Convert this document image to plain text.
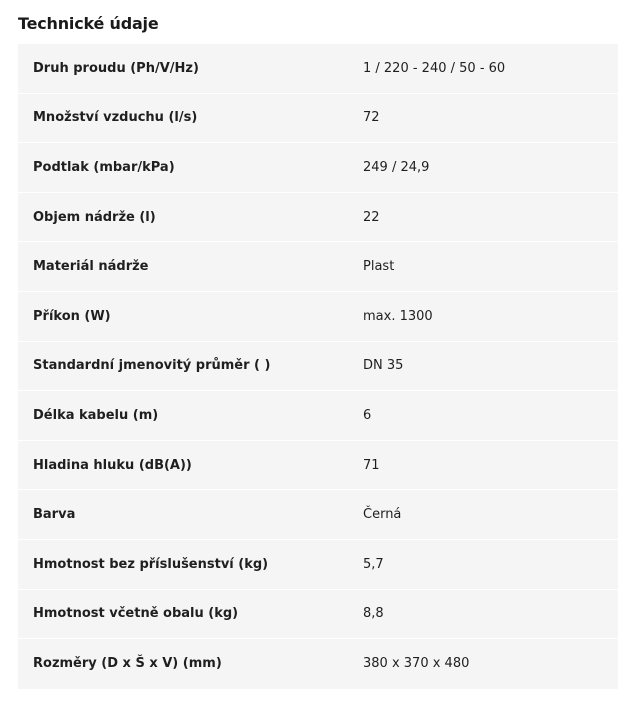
Technické údaje
Druh proudu (Ph/V/Hz)	1 / 220 - 240 / 50 - 60
Množství vzduchu (l/s)	72
Podtlak (mbar/kPa)	249 / 24,9
Objem nádrže (l)	22
Materiál nádrže	Plast
Příkon (W)	max. 1300
Standardní jmenovitý průměr ( )	DN 35
Délka kabelu (m)	6
Hladina hluku (dB(A))	71
Barva	Černá
Hmotnost bez příslušenství (kg)	5,7
Hmotnost včetně obalu (kg)	8,8
Rozměry (D x Š x V) (mm)	380 x 370 x 480
